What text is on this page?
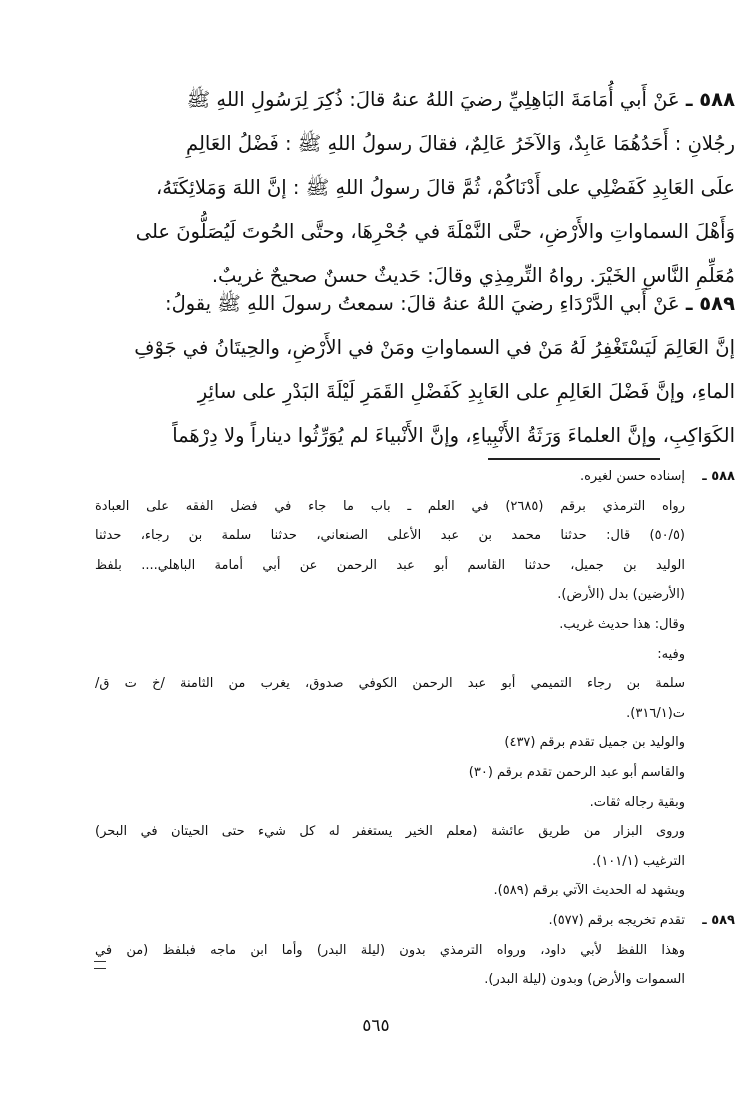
٥٨٨ ـ عَنْ أَبي أُمَامَةَ البَاهِلِيِّ رضيَ اللهُ عنهُ قالَ: ذُكِرَ لِرَسُولِ اللهِ ﷺ
رجُلانِ : أَحَدُهُمَا عَابِدٌ، وَالآخَرُ عَالِمٌ، فقالَ رسولُ اللهِ ﷺ : فَضْلُ العَالِمِ
علَى العَابِدِ كَفَضْلِي على أَدْنَاكُمْ، ثُمَّ قالَ رسولُ اللهِ ﷺ : إنَّ اللهَ وَمَلائِكَتَهُ،
وَأَهْلَ السماواتِ والأَرْضِ، حتَّى النَّمْلَةَ في جُحْرِهَا، وحتَّى الحُوتَ لَيُصَلُّونَ على
مُعَلِّمِ النَّاسِ الخَيْرَ. رواهُ التِّرمِذِي وقالَ: حَديثٌ حسنٌ صحيحٌ غريبٌ.
٥٨٩ ـ عَنْ أَبي الدَّرْدَاءِ رضيَ اللهُ عنهُ قالَ: سمعتُ رسولَ اللهِ ﷺ يقولُ:
إنَّ العَالِمَ لَيَسْتَغْفِرُ لَهُ مَنْ في السماواتِ ومَنْ في الأَرْضِ، والحِيتَانُ في جَوْفِ
الماءِ، وإنَّ فَضْلَ العَالِمِ على العَابِدِ كَفَضْلِ القَمَرِ لَيْلَةَ البَدْرِ على سائِرِ
الكَوَاكِبِ، وإنَّ العلماءَ وَرَثَةُ الأَنْبِياءِ، وإنَّ الأَنْبياءَ لم يُوَرِّثُوا ديناراً ولا دِرْهَماً
٥٨٨ ـ
إسناده حسن لغيره.
رواه الترمذي برقم (٢٦٨٥) في العلم ـ باب ما جاء في فضل الفقه على العبادة
(٥٠/٥) قال: حدثنا محمد بن عبد الأعلى الصنعاني، حدثنا سلمة بن رجاء، حدثنا
الوليد بن جميل، حدثنا القاسم أبو عبد الرحمن عن أبي أمامة الباهلي.... بلفظ
(الأرضين) بدل (الأرض).
وقال: هذا حديث غريب.
وفيه:
سلمة بن رجاء التميمي أبو عبد الرحمن الكوفي صدوق، يغرب من الثامنة /خ ت ق/
ت(٣١٦/١).
والوليد بن جميل تقدم برقم (٤٣٧)
والقاسم أبو عبد الرحمن تقدم برقم (٣٠)
وبقية رجاله ثقات.
وروى البزار من طريق عائشة (معلم الخير يستغفر له كل شيء حتى الحيتان في البحر)
الترغيب (١٠١/١).
ويشهد له الحديث الآتي برقم (٥٨٩).
٥٨٩ ـ
تقدم تخريجه برقم (٥٧٧).
وهذا اللفظ لأبي داود، ورواه الترمذي بدون (ليلة البدر) وأما ابن ماجه فبلفظ (من في
السموات والأرض) وبدون (ليلة البدر).
٥٦٥
